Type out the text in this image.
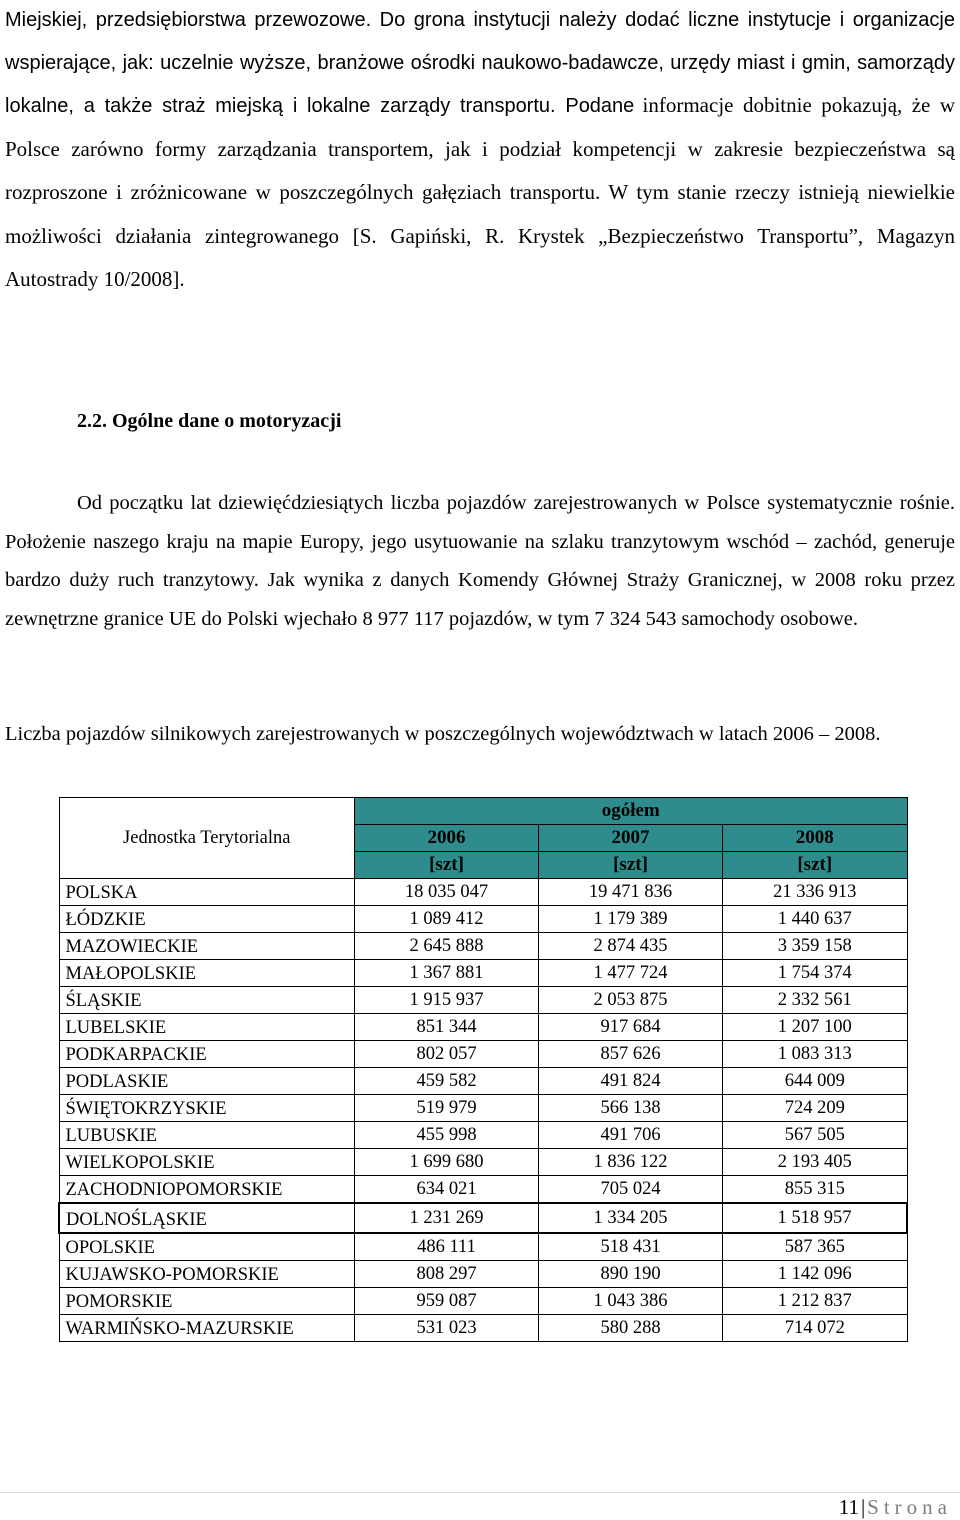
Miejskiej, przedsiębiorstwa przewozowe. Do grona instytucji należy dodać liczne instytucje i organizacje wspierające, jak: uczelnie wyższe, branżowe ośrodki naukowo-badawcze, urzędy miast i gmin, samorządy lokalne, a także straż miejską i lokalne zarządy transportu. Podane informacje dobitnie pokazują, że w Polsce zarówno formy zarządzania transportem, jak i podział kompetencji w zakresie bezpieczeństwa są rozproszone i zróżnicowane w poszczególnych gałęziach transportu. W tym stanie rzeczy istnieją niewielkie możliwości działania zintegrowanego [S. Gapiński, R. Krystek „Bezpieczeństwo Transportu”, Magazyn Autostrady 10/2008].

2.2. Ogólne dane o motoryzacji

Od początku lat dziewięćdziesiątych liczba pojazdów zarejestrowanych w Polsce systematycznie rośnie. Położenie naszego kraju na mapie Europy, jego usytuowanie na szlaku tranzytowym wschód – zachód, generuje bardzo duży ruch tranzytowy. Jak wynika z danych Komendy Głównej Straży Granicznej, w 2008 roku przez zewnętrzne granice UE do Polski wjechało 8 977 117 pojazdów, w tym 7 324 543 samochody osobowe.

Liczba pojazdów silnikowych zarejestrowanych w poszczególnych województwach w latach 2006 – 2008.

Jednostka Terytorialna	ogółem		
	2006	2007	2008
	[szt]	[szt]	[szt]
POLSKA	18 035 047	19 471 836	21 336 913
ŁÓDZKIE	1 089 412	1 179 389	1 440 637
MAZOWIECKIE	2 645 888	2 874 435	3 359 158
MAŁOPOLSKIE	1 367 881	1 477 724	1 754 374
ŚLĄSKIE	1 915 937	2 053 875	2 332 561
LUBELSKIE	851 344	917 684	1 207 100
PODKARPACKIE	802 057	857 626	1 083 313
PODLASKIE	459 582	491 824	644 009
ŚWIĘTOKRZYSKIE	519 979	566 138	724 209
LUBUSKIE	455 998	491 706	567 505
WIELKOPOLSKIE	1 699 680	1 836 122	2 193 405
ZACHODNIOPOMORSKIE	634 021	705 024	855 315
DOLNOŚLĄSKIE	1 231 269	1 334 205	1 518 957
OPOLSKIE	486 111	518 431	587 365
KUJAWSKO-POMORSKIE	808 297	890 190	1 142 096
POMORSKIE	959 087	1 043 386	1 212 837
WARMIŃSKO-MAZURSKIE	531 023	580 288	714 072
11|Strona
